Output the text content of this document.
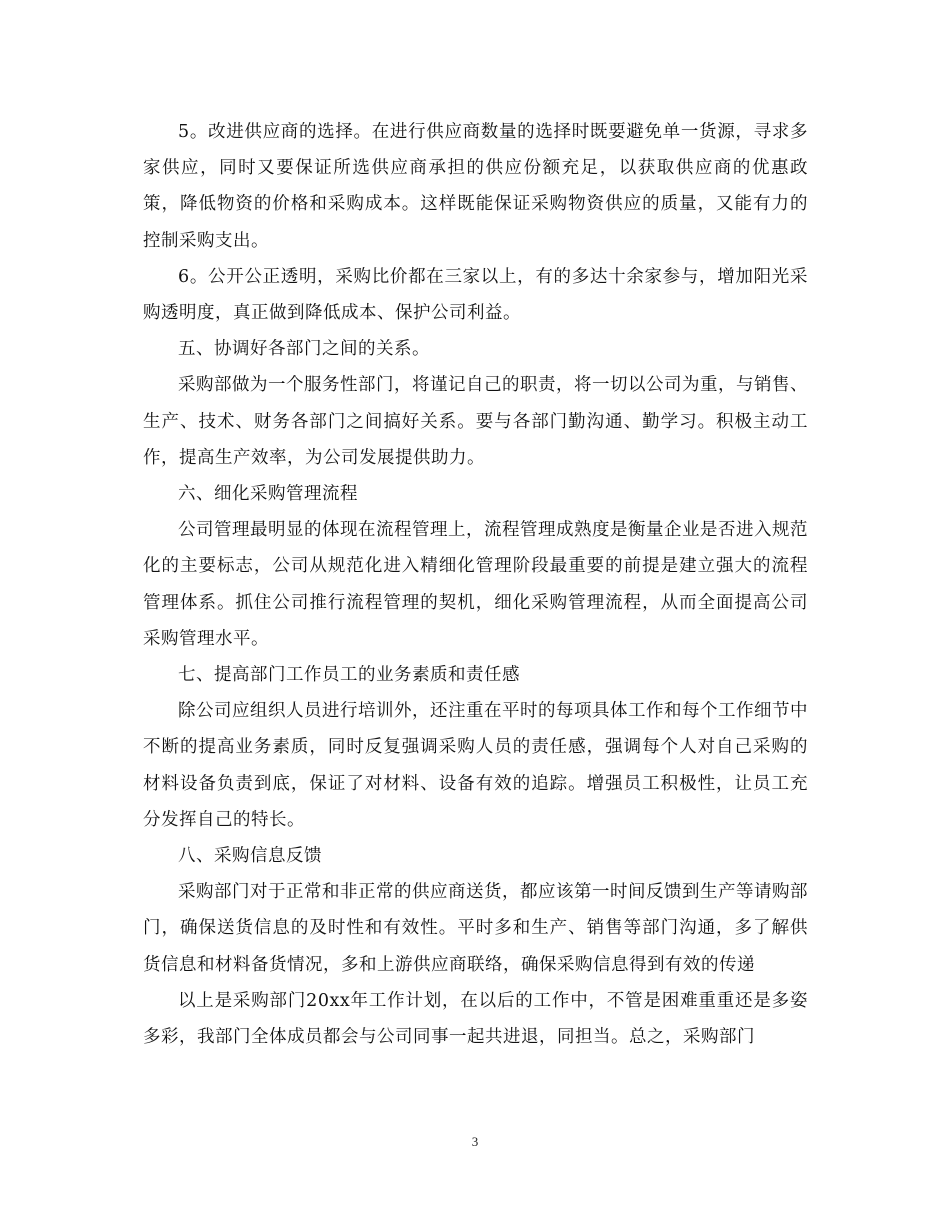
5。改进供应商的选择。在进行供应商数量的选择时既要避免单一货源，寻求多家供应，同时又要保证所选供应商承担的供应份额充足，以获取供应商的优惠政策，降低物资的价格和采购成本。这样既能保证采购物资供应的质量，又能有力的控制采购支出。

6。公开公正透明，采购比价都在三家以上，有的多达十余家参与，增加阳光采购透明度，真正做到降低成本、保护公司利益。

五、协调好各部门之间的关系。

采购部做为一个服务性部门，将谨记自己的职责，将一切以公司为重，与销售、生产、技术、财务各部门之间搞好关系。要与各部门勤沟通、勤学习。积极主动工作，提高生产效率，为公司发展提供助力。

六、细化采购管理流程

公司管理最明显的体现在流程管理上，流程管理成熟度是衡量企业是否进入规范化的主要标志，公司从规范化进入精细化管理阶段最重要的前提是建立强大的流程管理体系。抓住公司推行流程管理的契机，细化采购管理流程，从而全面提高公司采购管理水平。

七、提高部门工作员工的业务素质和责任感

除公司应组织人员进行培训外，还注重在平时的每项具体工作和每个工作细节中不断的提高业务素质，同时反复强调采购人员的责任感，强调每个人对自己采购的材料设备负责到底，保证了对材料、设备有效的追踪。增强员工积极性，让员工充分发挥自己的特长。

八、采购信息反馈

采购部门对于正常和非正常的供应商送货，都应该第一时间反馈到生产等请购部门，确保送货信息的及时性和有效性。平时多和生产、销售等部门沟通，多了解供货信息和材料备货情况，多和上游供应商联络，确保采购信息得到有效的传递

以上是采购部门20xx年工作计划，在以后的工作中，不管是困难重重还是多姿多彩，我部门全体成员都会与公司同事一起共进退，同担当。总之，采购部门

3
